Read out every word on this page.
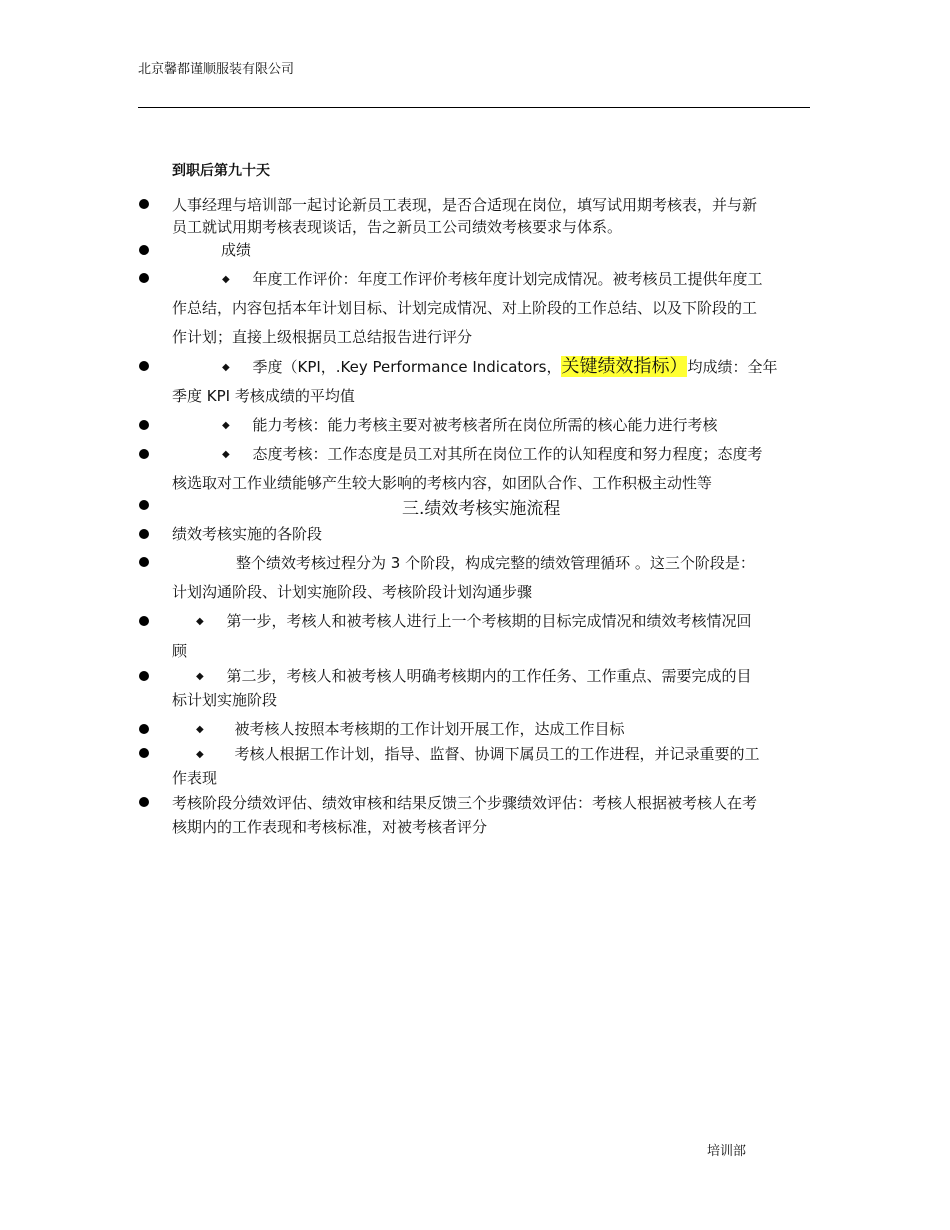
北京馨都谨顺服装有限公司
到职后第九十天
人事经理与培训部一起讨论新员工表现，是否合适现在岗位，填写试用期考核表，并与新
员工就试用期考核表现谈话，告之新员工公司绩效考核要求与体系。
成绩
◆ 年度工作评价：年度工作评价考核年度计划完成情况。被考核员工提供年度工
作总结，内容包括本年计划目标、计划完成情况、对上阶段的工作总结、以及下阶段的工
作计划；直接上级根据员工总结报告进行评分
◆ 季度（KPI，.Key Performance Indicators，关键绩效指标）均成绩：全年
季度 KPI 考核成绩的平均值
◆ 能力考核：能力考核主要对被考核者所在岗位所需的核心能力进行考核
◆ 态度考核：工作态度是员工对其所在岗位工作的认知程度和努力程度；态度考
核选取对工作业绩能够产生较大影响的考核内容，如团队合作、工作积极主动性等
三.绩效考核实施流程
绩效考核实施的各阶段
整个绩效考核过程分为 3 个阶段，构成完整的绩效管理循环 。这三个阶段是：
计划沟通阶段、计划实施阶段、考核阶段计划沟通步骤
◆ 第一步，考核人和被考核人进行上一个考核期的目标完成情况和绩效考核情况回
顾
◆ 第二步，考核人和被考核人明确考核期内的工作任务、工作重点、需要完成的目
标计划实施阶段
◆ 被考核人按照本考核期的工作计划开展工作，达成工作目标
◆ 考核人根据工作计划，指导、监督、协调下属员工的工作进程，并记录重要的工
作表现
考核阶段分绩效评估、绩效审核和结果反馈三个步骤绩效评估：考核人根据被考核人在考
核期内的工作表现和考核标准，对被考核者评分
培训部
